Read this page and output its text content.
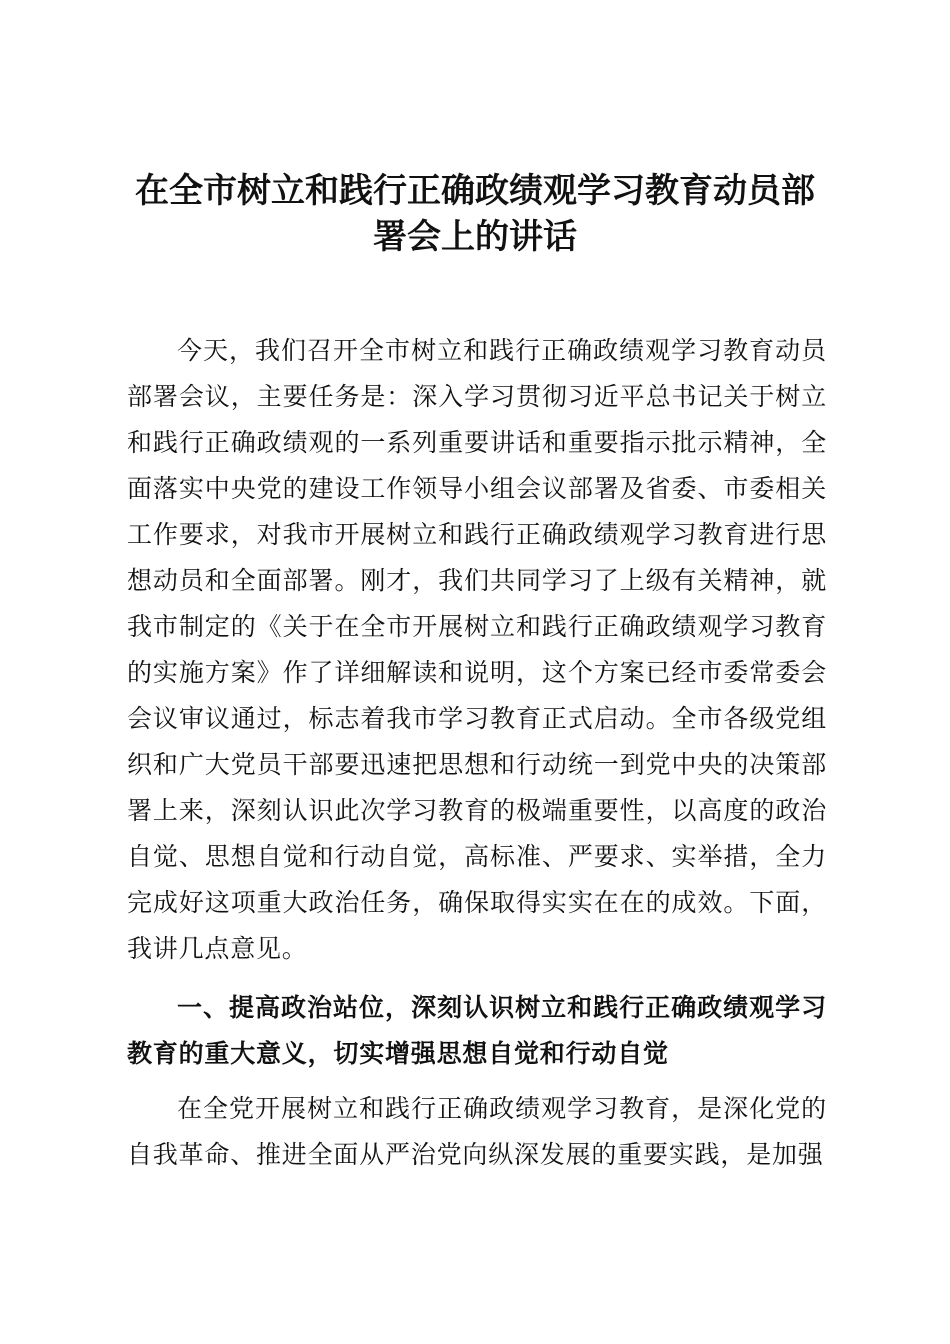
在全市树立和践行正确政绩观学习教育动员部署会上的讲话

今天，我们召开全市树立和践行正确政绩观学习教育动员部署会议，主要任务是：深入学习贯彻习近平总书记关于树立和践行正确政绩观的一系列重要讲话和重要指示批示精神，全面落实中央党的建设工作领导小组会议部署及省委、市委相关工作要求，对我市开展树立和践行正确政绩观学习教育进行思想动员和全面部署。刚才，我们共同学习了上级有关精神，就我市制定的《关于在全市开展树立和践行正确政绩观学习教育的实施方案》作了详细解读和说明，这个方案已经市委常委会会议审议通过，标志着我市学习教育正式启动。全市各级党组织和广大党员干部要迅速把思想和行动统一到党中央的决策部署上来，深刻认识此次学习教育的极端重要性，以高度的政治自觉、思想自觉和行动自觉，高标准、严要求、实举措，全力完成好这项重大政治任务，确保取得实实在在的成效。下面，我讲几点意见。

一、提高政治站位，深刻认识树立和践行正确政绩观学习教育的重大意义，切实增强思想自觉和行动自觉

在全党开展树立和践行正确政绩观学习教育，是深化党的自我革命、推进全面从严治党向纵深发展的重要实践，是加强
